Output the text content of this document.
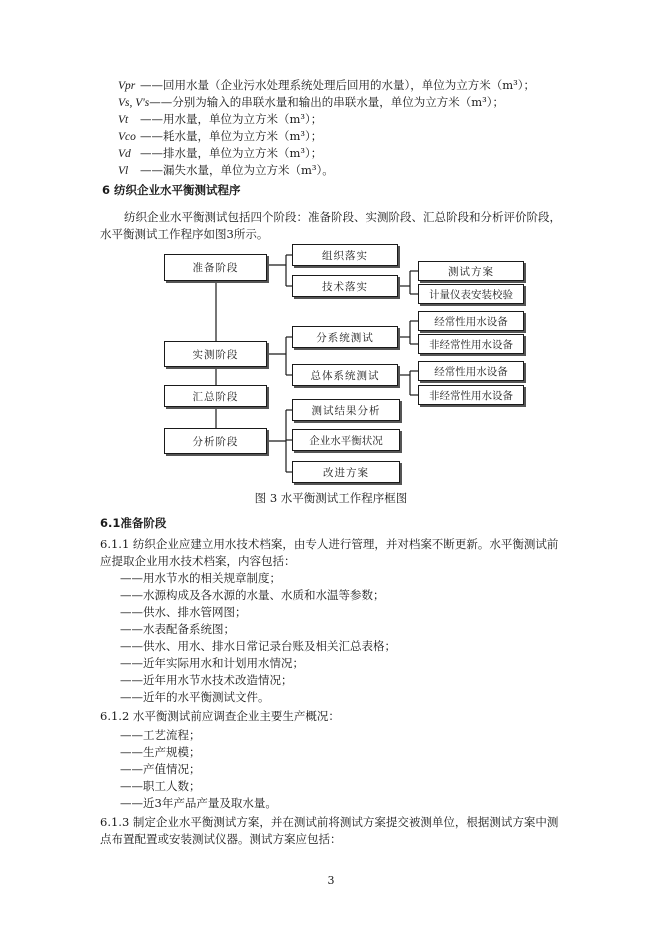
Vpr ——回用水量（企业污水处理系统处理后回用的水量），单位为立方米（m³）；
Vs, V's——分别为输入的串联水量和输出的串联水量，单位为立方米（m³）；
Vt ——用水量，单位为立方米（m³）；
Vco ——耗水量，单位为立方米（m³）；
Vd ——排水量，单位为立方米（m³）；
Vl ——漏失水量，单位为立方米（m³）。
6 纺织企业水平衡测试程序
纺织企业水平衡测试包括四个阶段：准备阶段、实测阶段、汇总阶段和分析评价阶段，
水平衡测试工作程序如图3所示。
准备阶段
实测阶段
汇总阶段
分析阶段
组织落实
技术落实
测试方案
计量仪表安装校验
分系统测试
总体系统测试
经常性用水设备
非经常性用水设备
经常性用水设备
非经常性用水设备
测试结果分析
企业水平衡状况
改进方案
图 3 水平衡测试工作程序框图
6.1准备阶段
6.1.1 纺织企业应建立用水技术档案，由专人进行管理，并对档案不断更新。水平衡测试前
应提取企业用水技术档案，内容包括：
——用水节水的相关规章制度；
——水源构成及各水源的水量、水质和水温等参数；
——供水、排水管网图；
——水表配备系统图；
——供水、用水、排水日常记录台账及相关汇总表格；
——近年实际用水和计划用水情况；
——近年用水节水技术改造情况；
——近年的水平衡测试文件。
6.1.2 水平衡测试前应调查企业主要生产概况：
——工艺流程；
——生产规模；
——产值情况；
——职工人数；
——近3年产品产量及取水量。
6.1.3 制定企业水平衡测试方案，并在测试前将测试方案提交被测单位，根据测试方案中测
点布置配置或安装测试仪器。测试方案应包括：
3
